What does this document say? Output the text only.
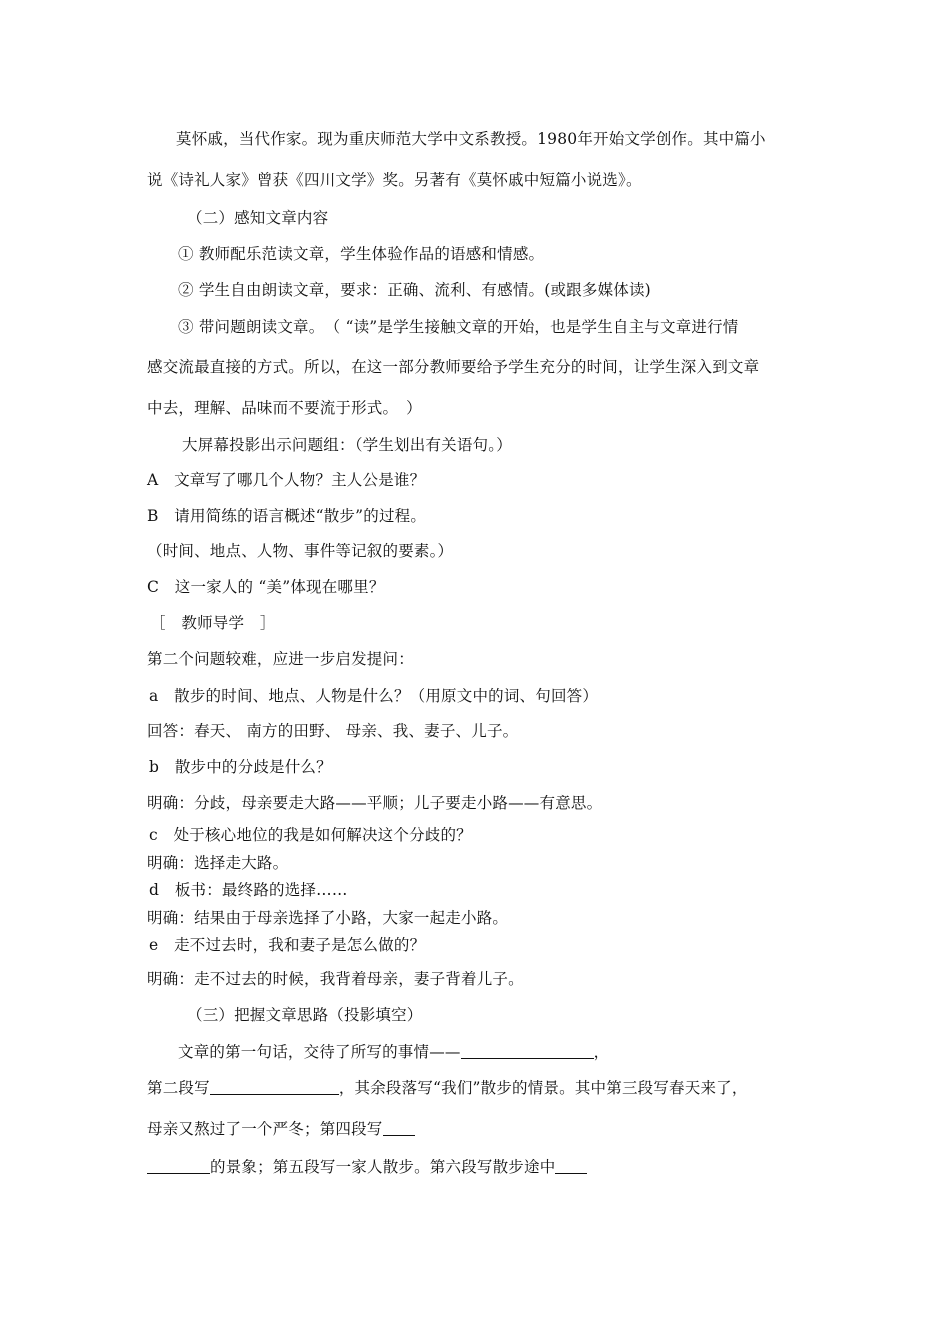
莫怀戚，当代作家。现为重庆师范大学中文系教授。1980年开始文学创作。其中篇小
说《诗礼人家》曾获《四川文学》奖。另著有《莫怀戚中短篇小说选》。
（二）感知文章内容
① 教师配乐范读文章，学生体验作品的语感和情感。
② 学生自由朗读文章，要求：正确、流利、有感情。(或跟多媒体读)
③ 带问题朗读文章。　（ “读”是学生接触文章的开始，也是学生自主与文章进行情
感交流最直接的方式。所以，在这一部分教师要给予学生充分的时间，让学生深入到文章
中去，理解、品味而不要流于形式。　）
大屏幕投影出示问题组：（学生划出有关语句。）
A　文章写了哪几个人物？主人公是谁？
B　请用简练的语言概述“散步”的过程。
（时间、地点、人物、事件等记叙的要素。）
C　这一家人的 “美”体现在哪里？
［　教师导学　］
第二个问题较难，应进一步启发提问：
a　散步的时间、地点、人物是什么？（用原文中的词、句回答）
回答：春天、 南方的田野、 母亲、我、妻子、儿子。
b　散步中的分歧是什么？
明确：分歧，母亲要走大路——平顺；儿子要走小路——有意思。
c　处于核心地位的我是如何解决这个分歧的？
明确：选择走大路。
d　板书：最终路的选择……
明确：结果由于母亲选择了小路，大家一起走小路。
e　走不过去时，我和妻子是怎么做的？
明确：走不过去的时候，我背着母亲，妻子背着儿子。
（三）把握文章思路（投影填空）
文章的第一句话，交待了所写的事情——	，
第二段写	，其余段落写“我们”散步的情景。其中第三段写春天来了，
母亲又熬过了一个严冬；第四段写
的景象；第五段写一家人散步。第六段写散步途中
